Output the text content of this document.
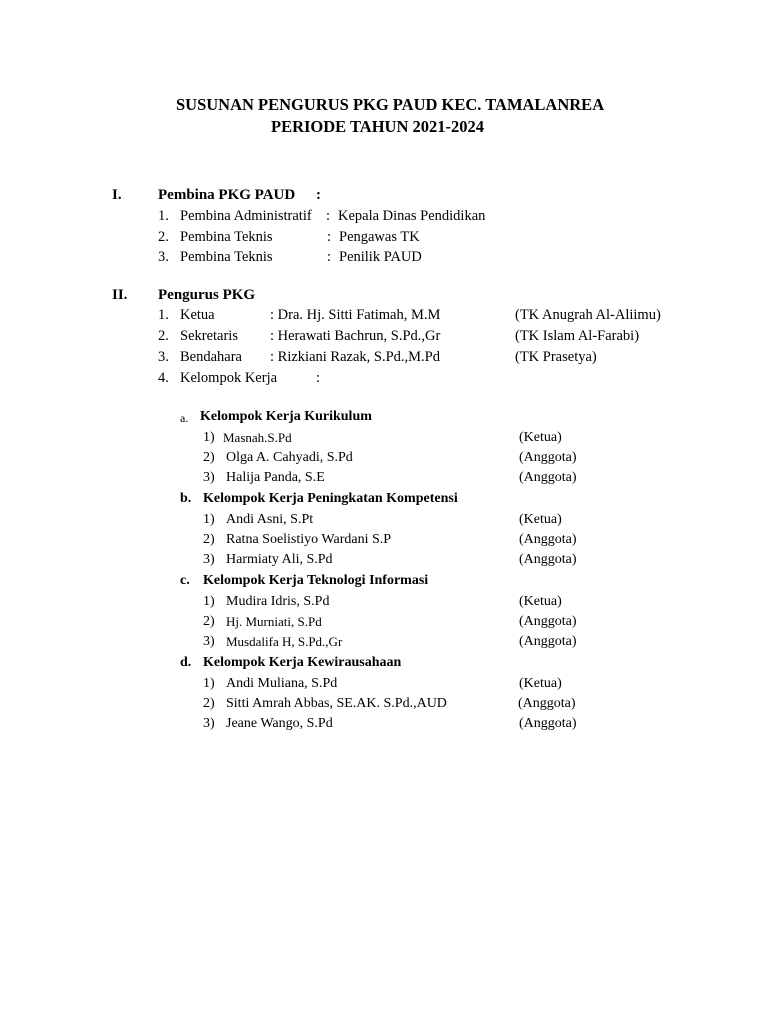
SUSUNAN PENGURUS PKG PAUD KEC. TAMALANREA
PERIODE TAHUN 2021-2024
I. Pembina PKG PAUD :
1. Pembina Administratif : Kepala Dinas Pendidikan
2. Pembina Teknis	: Pengawas TK
3. Pembina Teknis	: Penilik PAUD
II. Pengurus PKG
1. Ketua	: Dra. Hj. Sitti Fatimah, M.M	(TK Anugrah Al-Aliimu)
2. Sekretaris : Herawati Bachrun, S.Pd.,Gr	(TK Islam Al-Farabi)
3. Bendahara : Rizkiani Razak, S.Pd.,M.Pd	(TK Prasetya)
4. Kelompok Kerja	:
a. Kelompok Kerja Kurikulum
1) Masnah.S.Pd	(Ketua)
2) Olga A. Cahyadi, S.Pd	(Anggota)
3) Halija Panda, S.E	(Anggota)
b. Kelompok Kerja Peningkatan Kompetensi
1) Andi Asni, S.Pt	(Ketua)
2) Ratna Soelistiyo Wardani S.P	(Anggota)
3) Harmiaty Ali, S.Pd	(Anggota)
c. Kelompok Kerja Teknologi Informasi
1) Mudira Idris, S.Pd	(Ketua)
2) Hj. Murniati, S.Pd	(Anggota)
3) Musdalifa H, S.Pd.,Gr	(Anggota)
d. Kelompok Kerja Kewirausahaan
1) Andi Muliana, S.Pd	(Ketua)
2) Sitti Amrah Abbas, SE.AK. S.Pd.,AUD	(Anggota)
3) Jeane Wango, S.Pd	(Anggota)
